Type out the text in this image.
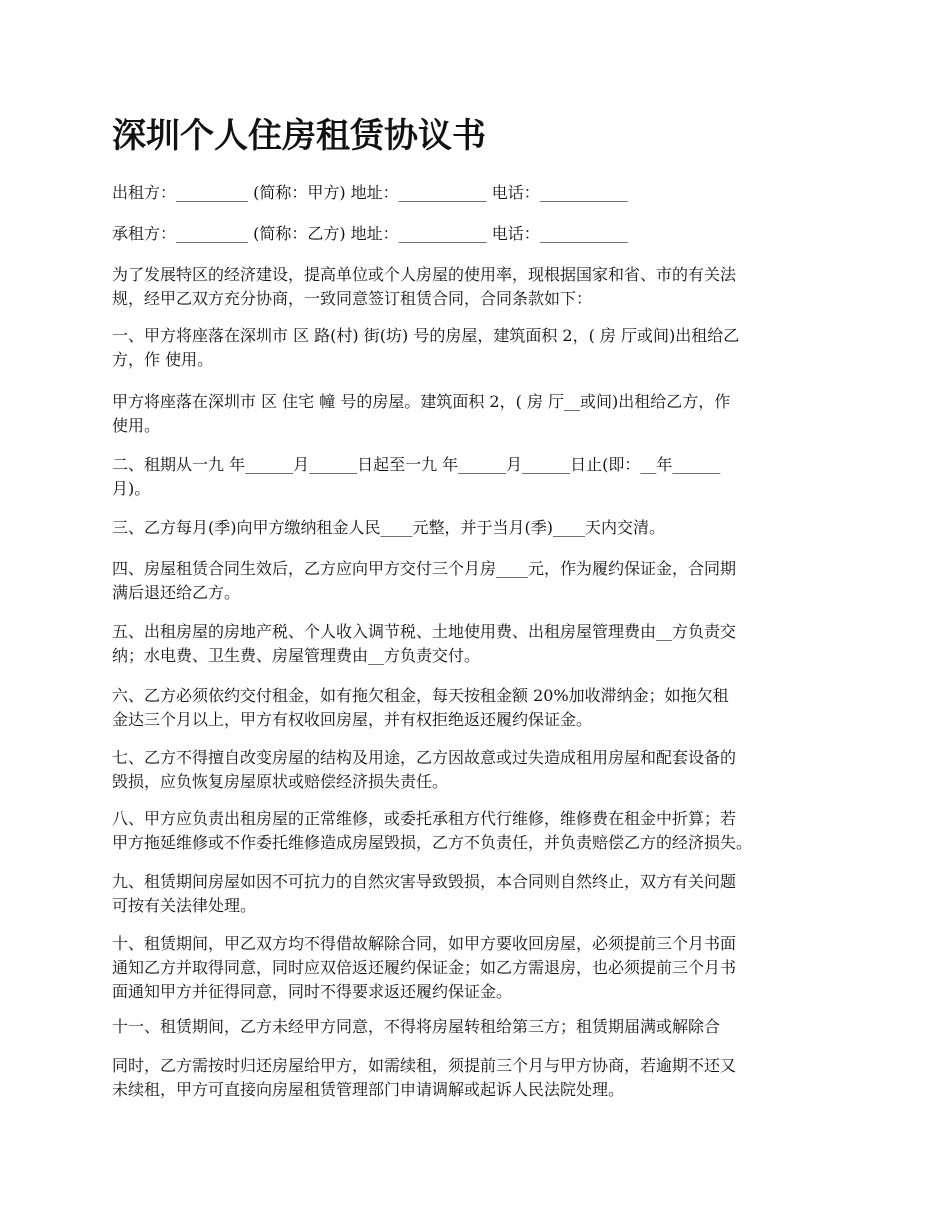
深圳个人住房租赁协议书

出租方：_________ (简称：甲方) 地址：___________ 电话：___________

承租方：_________ (简称：乙方) 地址：___________ 电话：___________

为了发展特区的经济建设，提高单位或个人房屋的使用率，现根据国家和省、市的有关法
规，经甲乙双方充分协商，一致同意签订租赁合同，合同条款如下：

一、甲方将座落在深圳市 区 路(村) 街(坊) 号的房屋，建筑面积 2，( 房 厅或间)出租给乙
方，作 使用。

甲方将座落在深圳市 区 住宅 幢 号的房屋。建筑面积 2，( 房 厅__或间)出租给乙方，作
使用。

二、租期从一九 年______月______日起至一九 年______月______日止(即：__年______
月)。

三、乙方每月(季)向甲方缴纳租金人民____元整，并于当月(季)____天内交清。

四、房屋租赁合同生效后，乙方应向甲方交付三个月房____元，作为履约保证金，合同期
满后退还给乙方。

五、出租房屋的房地产税、个人收入调节税、土地使用费、出租房屋管理费由__方负责交
纳；水电费、卫生费、房屋管理费由__方负责交付。

六、乙方必须依约交付租金，如有拖欠租金，每天按租金额 20%加收滞纳金；如拖欠租
金达三个月以上，甲方有权收回房屋，并有权拒绝返还履约保证金。

七、乙方不得擅自改变房屋的结构及用途，乙方因故意或过失造成租用房屋和配套设备的
毁损，应负恢复房屋原状或赔偿经济损失责任。

八、甲方应负责出租房屋的正常维修，或委托承租方代行维修，维修费在租金中折算；若
甲方拖延维修或不作委托维修造成房屋毁损，乙方不负责任，并负责赔偿乙方的经济损失。

九、租赁期间房屋如因不可抗力的自然灾害导致毁损，本合同则自然终止，双方有关问题
可按有关法律处理。

十、租赁期间，甲乙双方均不得借故解除合同，如甲方要收回房屋，必须提前三个月书面
通知乙方并取得同意，同时应双倍返还履约保证金；如乙方需退房，也必须提前三个月书
面通知甲方并征得同意，同时不得要求返还履约保证金。

十一、租赁期间，乙方未经甲方同意，不得将房屋转租给第三方；租赁期届满或解除合

同时，乙方需按时归还房屋给甲方，如需续租，须提前三个月与甲方协商，若逾期不还又
未续租，甲方可直接向房屋租赁管理部门申请调解或起诉人民法院处理。
